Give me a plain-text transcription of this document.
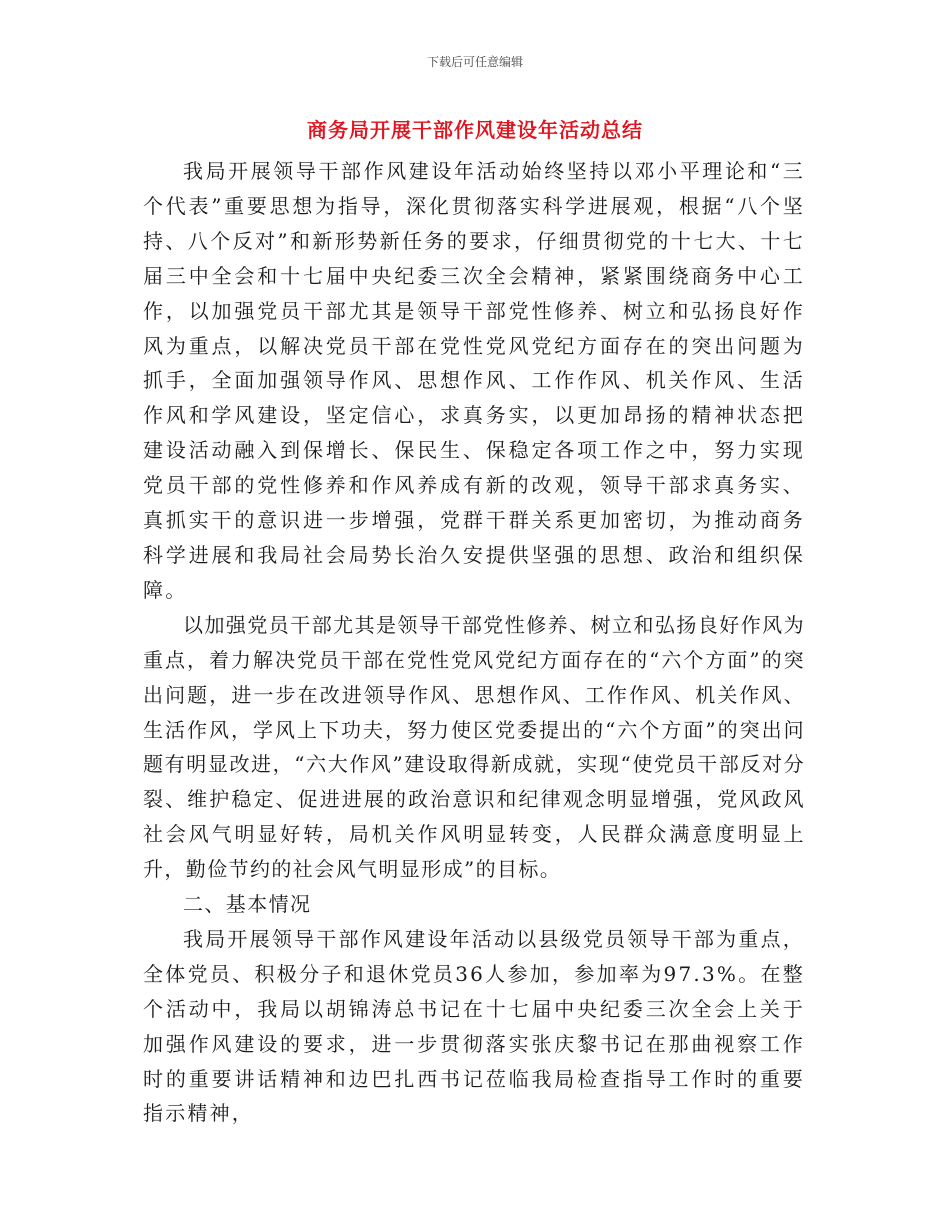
下载后可任意编辑
商务局开展干部作风建设年活动总结

我局开展领导干部作风建设年活动始终坚持以邓小平理论和“三个代表”重要思想为指导，深化贯彻落实科学进展观，根据“八个坚持、八个反对”和新形势新任务的要求，仔细贯彻党的十七大、十七届三中全会和十七届中央纪委三次全会精神，紧紧围绕商务中心工作，以加强党员干部尤其是领导干部党性修养、树立和弘扬良好作风为重点，以解决党员干部在党性党风党纪方面存在的突出问题为抓手，全面加强领导作风、思想作风、工作作风、机关作风、生活作风和学风建设，坚定信心，求真务实，以更加昂扬的精神状态把建设活动融入到保增长、保民生、保稳定各项工作之中，努力实现党员干部的党性修养和作风养成有新的改观，领导干部求真务实、真抓实干的意识进一步增强，党群干群关系更加密切，为推动商务科学进展和我局社会局势长治久安提供坚强的思想、政治和组织保障。

以加强党员干部尤其是领导干部党性修养、树立和弘扬良好作风为重点，着力解决党员干部在党性党风党纪方面存在的“六个方面”的突出问题，进一步在改进领导作风、思想作风、工作作风、机关作风、生活作风，学风上下功夫，努力使区党委提出的“六个方面”的突出问题有明显改进，“六大作风”建设取得新成就，实现“使党员干部反对分裂、维护稳定、促进进展的政治意识和纪律观念明显增强，党风政风社会风气明显好转，局机关作风明显转变，人民群众满意度明显上升，勤俭节约的社会风气明显形成”的目标。

二、基本情况

我局开展领导干部作风建设年活动以县级党员领导干部为重点，全体党员、积极分子和退休党员36人参加，参加率为97.3%。在整个活动中，我局以胡锦涛总书记在十七届中央纪委三次全会上关于加强作风建设的要求，进一步贯彻落实张庆黎书记在那曲视察工作时的重要讲话精神和边巴扎西书记莅临我局检查指导工作时的重要指示精神，
